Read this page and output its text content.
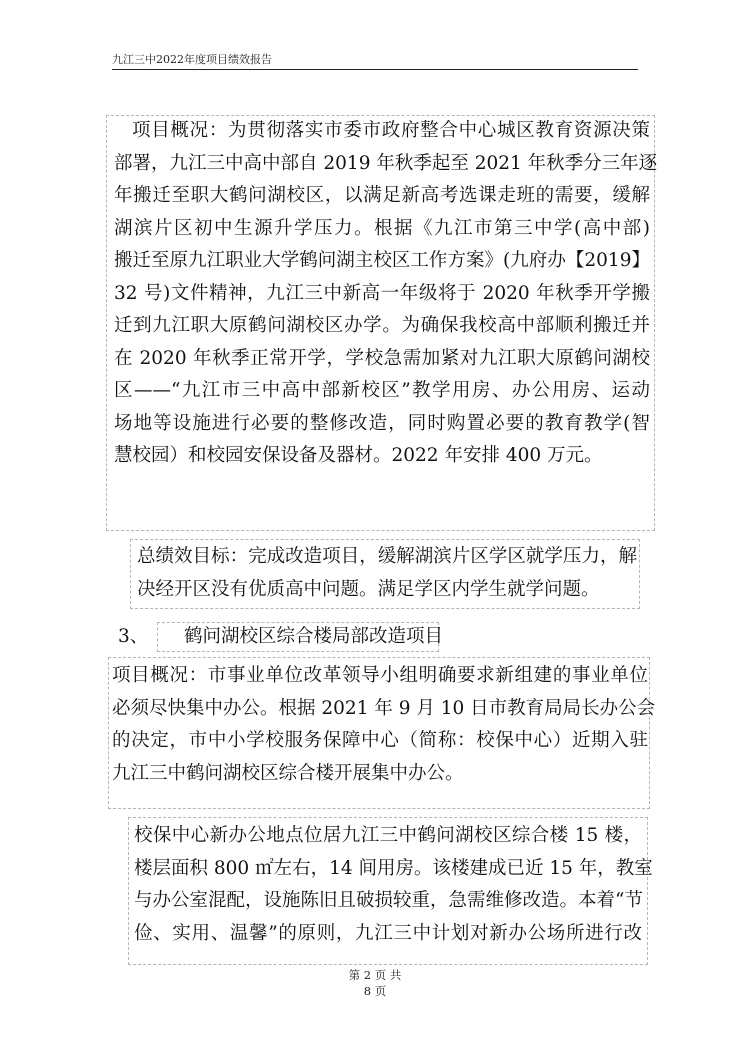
九江三中2022年度项目绩效报告
项目概况：为贯彻落实市委市政府整合中心城区教育资源决策
部署，九江三中高中部自 2019 年秋季起至 2021 年秋季分三年逐
年搬迁至职大鹤问湖校区，以满足新高考选课走班的需要，缓解
湖滨片区初中生源升学压力。根据《九江市第三中学(高中部)
搬迁至原九江职业大学鹤问湖主校区工作方案》(九府办【2019】
32 号)文件精神，九江三中新高一年级将于 2020 年秋季开学搬
迁到九江职大原鹤问湖校区办学。为确保我校高中部顺利搬迁并
在 2020 年秋季正常开学，学校急需加紧对九江职大原鹤问湖校
区——“九江市三中高中部新校区”教学用房、办公用房、运动
场地等设施进行必要的整修改造，同时购置必要的教育教学(智
慧校园）和校园安保设备及器材。2022 年安排 400 万元。
总绩效目标：完成改造项目，缓解湖滨片区学区就学压力，解
决经开区没有优质高中问题。满足学区内学生就学问题。
3、 鹤问湖校区综合楼局部改造项目
项目概况：市事业单位改革领导小组明确要求新组建的事业单位
必须尽快集中办公。根据 2021 年 9 月 10 日市教育局局长办公会
的决定，市中小学校服务保障中心（简称：校保中心）近期入驻
九江三中鹤问湖校区综合楼开展集中办公。
校保中心新办公地点位居九江三中鹤问湖校区综合楼 15 楼，
楼层面积 800 ㎡左右，14 间用房。该楼建成已近 15 年，教室
与办公室混配，设施陈旧且破损较重，急需维修改造。本着“节
俭、实用、温馨”的原则，九江三中计划对新办公场所进行改
第 2 页 共
8 页
